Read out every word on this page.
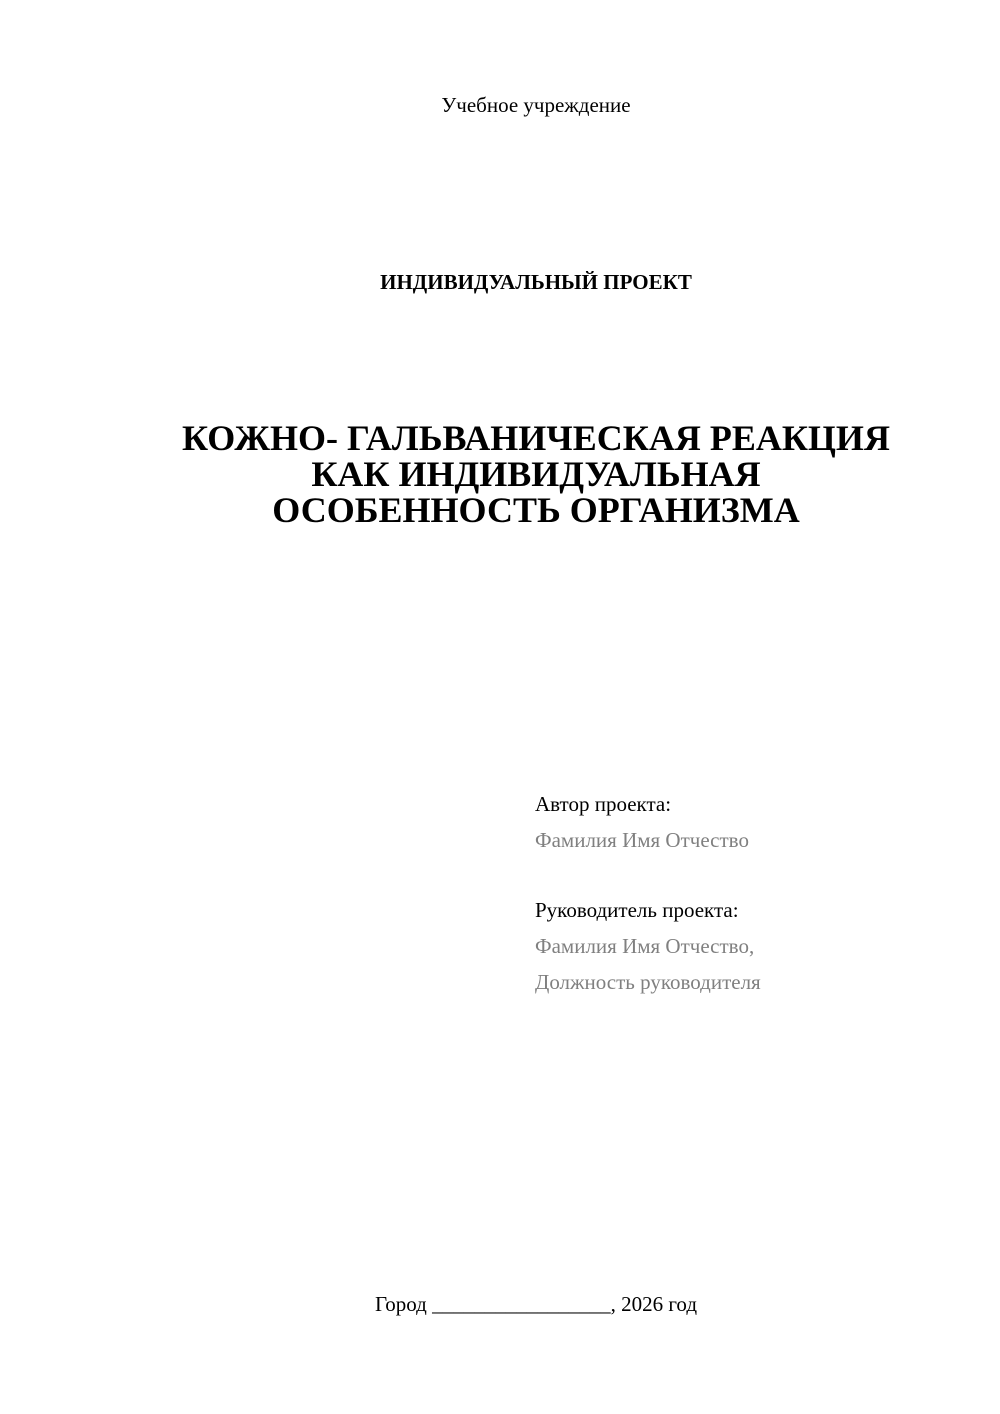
Учебное учреждение
ИНДИВИДУАЛЬНЫЙ ПРОЕКТ
КОЖНО- ГАЛЬВАНИЧЕСКАЯ РЕАКЦИЯ
КАК ИНДИВИДУАЛЬНАЯ
ОСОБЕННОСТЬ ОРГАНИЗМА
Автор проекта:
Фамилия Имя Отчество
Руководитель проекта:
Фамилия Имя Отчество,
Должность руководителя
Город _________________, 2026 год
